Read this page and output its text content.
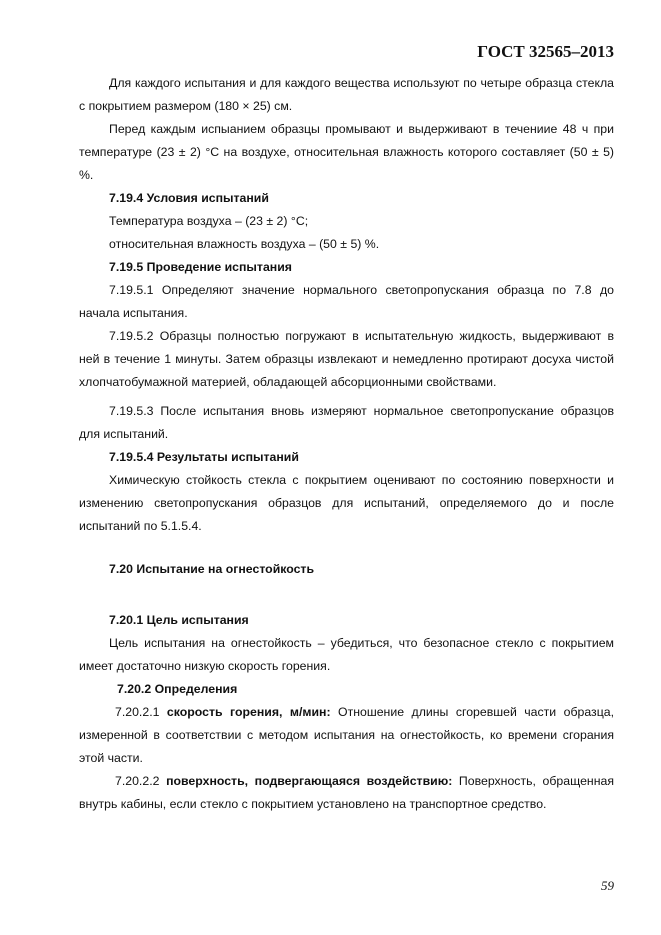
ГОСТ 32565–2013

Для каждого испытания и для каждого вещества используют по четыре образца стекла с покрытием размером (180 × 25) см.

Перед каждым испыанием образцы промывают и выдерживают в течениие 48 ч при температуре (23 ± 2) °С на воздухе, относительная влажность которого составляет (50 ± 5) %.

7.19.4 Условия испытаний

Температура воздуха – (23 ± 2) °С;

относительная влажность воздуха – (50 ± 5) %.

7.19.5 Проведение испытания

7.19.5.1 Определяют значение нормального светопропускания образца по 7.8 до начала испытания.

7.19.5.2 Образцы полностью погружают в испытательную жидкость, выдерживают в ней в течение 1 минуты. Затем образцы извлекают и немедленно протирают досуха чистой хлопчатобумажной материей, обладающей абсорционными свойствами.

7.19.5.3 После испытания вновь измеряют нормальное светопропускание образцов для испытаний.

7.19.5.4 Результаты испытаний

Химическую стойкость стекла с покрытием оценивают по состоянию поверхности и изменению светопропускания образцов для испытаний, определяемого до и после испытаний по 5.1.5.4.

7.20 Испытание на огнестойкость

7.20.1 Цель испытания

Цель испытания на огнестойкость – убедиться, что безопасное стекло с покрытием имеет достаточно низкую скорость горения.

7.20.2 Определения

7.20.2.1 скорость горения, м/мин: Отношение длины сгоревшей части образца, измеренной в соответствии с методом испытания на огнестойкость, ко времени сгорания этой части.

7.20.2.2 поверхность, подвергающаяся воздействию: Поверхность, обращенная внутрь кабины, если стекло с покрытием установлено на транспортное средство.

59
